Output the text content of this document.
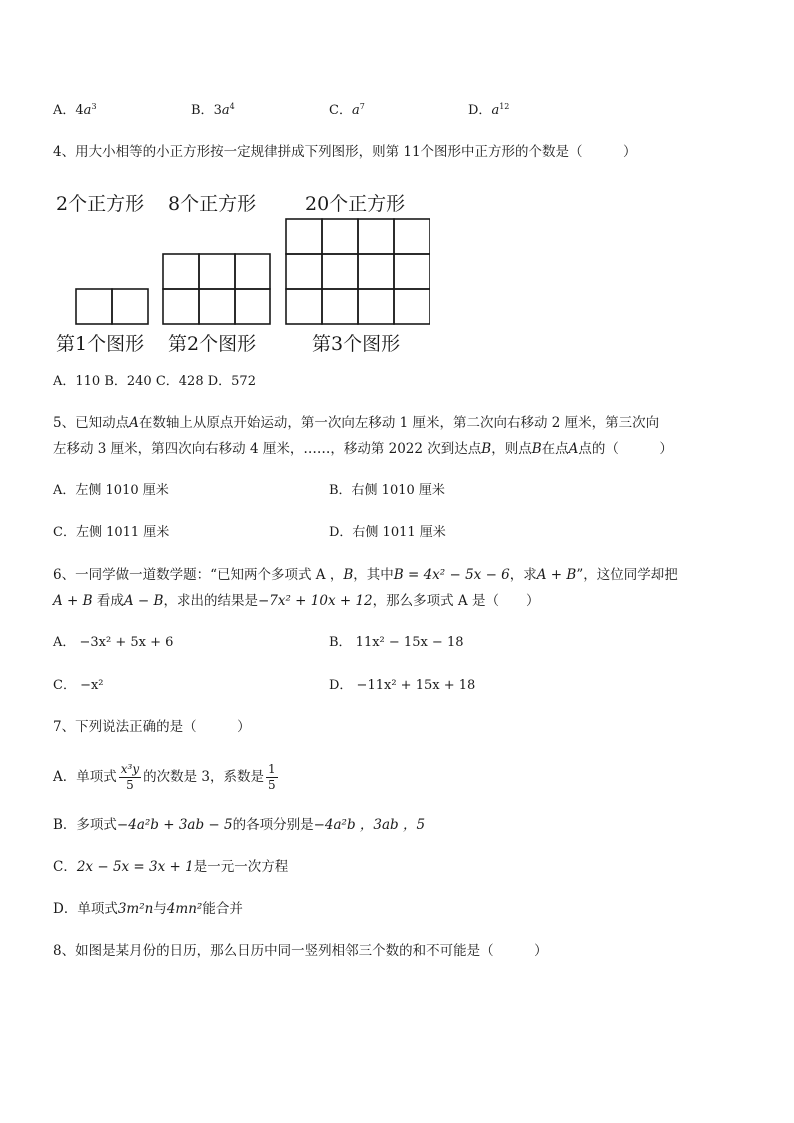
A．$4a^3$	B．$3a^4$	C．$a^7$	D．$a^{12}$
4、用大小相等的小正方形按一定规律拼成下列图形，则第 11个图形中正方形的个数是（　　　）
2个正方形 8个正方形	20个正方形
第1个图形 第2个图形	第3个图形
A．110 B．240 C．428 D．572
5、已知动点A在数轴上从原点开始运动，第一次向左移动 1 厘米，第二次向右移动 2 厘米，第三次向
左移动 3 厘米，第四次向右移动 4 厘米，……，移动第 2022 次到达点B，则点B在点A点的（　　　）
A．左侧 1010 厘米	B．右侧 1010 厘米
C．左侧 1011 厘米	D．右侧 1011 厘米
6、一同学做一道数学题：“已知两个多项式 A ，B，其中B = 4x² − 5x − 6，求A + B”，这位同学却把
A + B 看成A − B，求出的结果是−7x² + 10x + 12，那么多项式 A 是（　　）
A． −3x² + 5x + 6	B． 11x² − 15x − 18
C． −x²	D． −11x² + 15x + 18
7、下列说法正确的是（　　　）
A．单项式 $\frac{\text{x³y}}{5}$ 的次数是 3，系数是 $\frac{1}{5}$
B．多项式−4a²b + 3ab − 5的各项分别是−4a²b ，3ab ，5
C．2x − 5x = 3x + 1是一元一次方程
D．单项式3m²n与4mn²能合并
8、如图是某月份的日历，那么日历中同一竖列相邻三个数的和不可能是（　　　）
